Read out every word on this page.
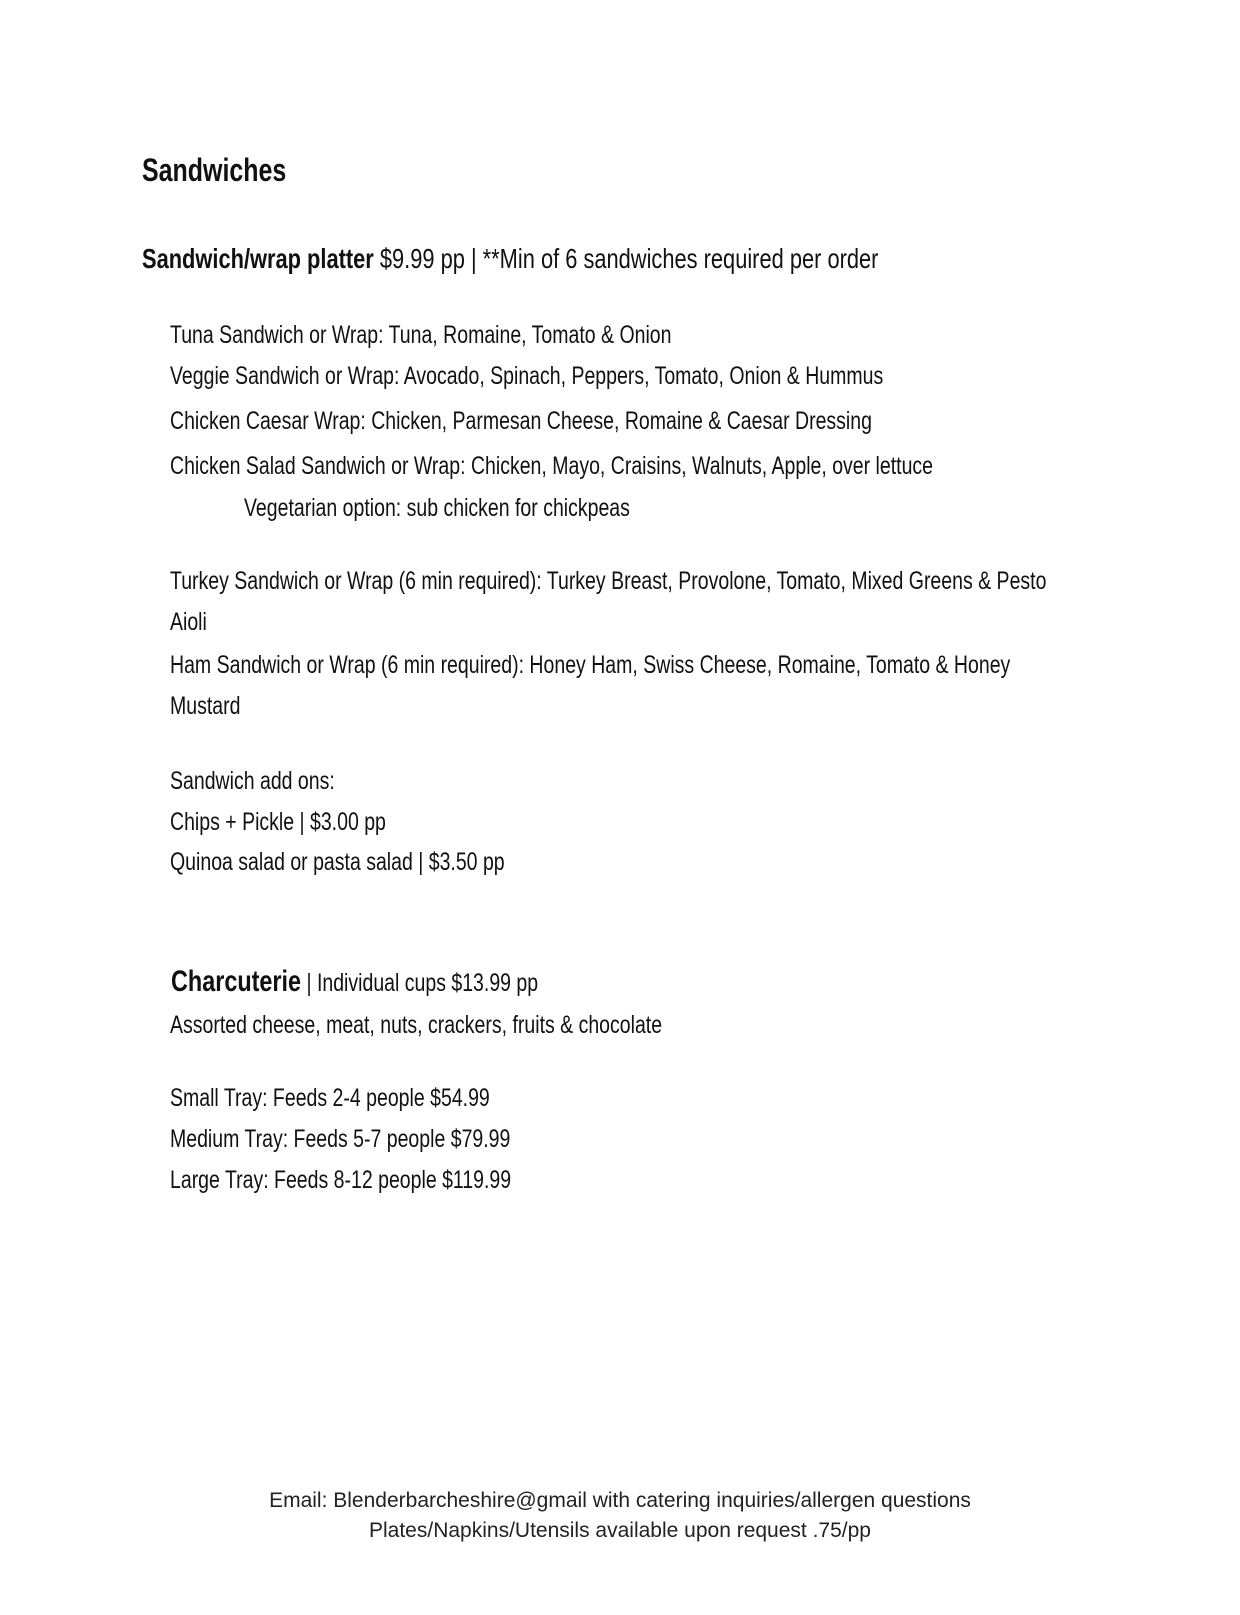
Sandwiches
Sandwich/wrap platter $9.99 pp | **Min of 6 sandwiches required per order
Tuna Sandwich or Wrap: Tuna, Romaine, Tomato & Onion
Veggie Sandwich or Wrap: Avocado, Spinach, Peppers, Tomato, Onion & Hummus
Chicken Caesar Wrap: Chicken, Parmesan Cheese, Romaine & Caesar Dressing
Chicken Salad Sandwich or Wrap: Chicken, Mayo, Craisins, Walnuts, Apple, over lettuce
Vegetarian option: sub chicken for chickpeas
Turkey Sandwich or Wrap (6 min required): Turkey Breast, Provolone, Tomato, Mixed Greens & Pesto
Aioli
Ham Sandwich or Wrap (6 min required): Honey Ham, Swiss Cheese, Romaine, Tomato & Honey
Mustard
Sandwich add ons:
Chips + Pickle | $3.00 pp
Quinoa salad or pasta salad | $3.50 pp
Charcuterie | Individual cups $13.99 pp
Assorted cheese, meat, nuts, crackers, fruits & chocolate
Small Tray: Feeds 2-4 people $54.99
Medium Tray: Feeds 5-7 people $79.99
Large Tray: Feeds 8-12 people $119.99
Email: Blenderbarcheshire@gmail with catering inquiries/allergen questions
Plates/Napkins/Utensils available upon request .75/pp
